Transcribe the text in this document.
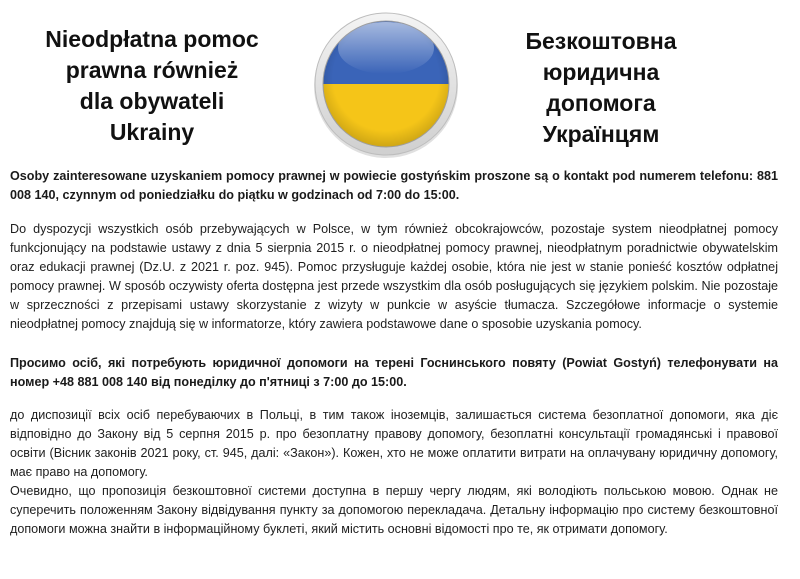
Nieodpłatna pomoc
prawna również
dla obywateli
Ukrainy
Безкоштовна
юридична
допомога
Українцям

Osoby zainteresowane uzyskaniem pomocy prawnej w powiecie gostyńskim proszone są o kontakt pod numerem telefonu: 881 008 140, czynnym od poniedziałku do piątku w godzinach od 7:00 do 15:00.

Do dyspozycji wszystkich osób przebywających w Polsce, w tym również obcokrajowców, pozostaje system nieodpłatnej pomocy funkcjonujący na podstawie ustawy z dnia 5 sierpnia 2015 r. o nieodpłatnej pomocy prawnej, nieodpłatnym poradnictwie obywatelskim oraz edukacji prawnej (Dz.U. z 2021 r. poz. 945). Pomoc przysługuje każdej osobie, która nie jest w stanie ponieść kosztów odpłatnej pomocy prawnej. W sposób oczywisty oferta dostępna jest przede wszystkim dla osób posługujących się językiem polskim. Nie pozostaje w sprzeczności z przepisami ustawy skorzystanie z wizyty w punkcie w asyście tłumacza. Szczegółowe informacje o systemie nieodpłatnej pomocy znajdują się w informatorze, który zawiera podstawowe dane o sposobie uzyskania pomocy.

Просимо осіб, які потребують юридичної допомоги на терені Госнинського повяту (Powiat Gostyń) телефонувати на номер +48 881 008 140 від понеділку до п'ятниці з 7:00 до 15:00.

до диспозиції всіх осіб перебуваючих в Польці, в тим також іноземців, залишається система безоплатної допомоги, яка діє відповідно до Закону від 5 серпня 2015 р. про безоплатну правову допомогу, безоплатні консультації громадянські і правової освіти (Вісник законів 2021 року, ст. 945, далі: «Закон»). Кожен, хто не може оплатити витрати на оплачувану юридичну допомогу, має право на допомогу.

Очевидно, що пропозиція безкоштовної системи доступна в першу чергу людям, які володіють польською мовою. Однак не суперечить положенням Закону відвідування пункту за допомогою перекладача. Детальну інформацію про систему безкоштовної допомоги можна знайти в інформаційному буклеті, який містить основні відомості про те, як отримати допомогу.
